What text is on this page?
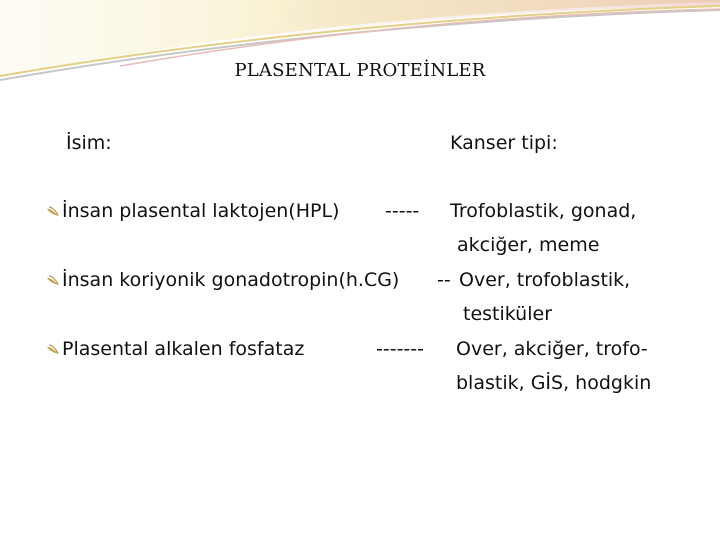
PLASENTAL PROTEİNLER
İsim:	Kanser tipi:
İnsan plasental laktojen(HPL) ----- Trofoblastik, gonad,
akciğer, meme
İnsan koriyonik gonadotropin(h.CG) -- Over, trofoblastik,
testiküler
Plasental alkalen fosfataz	------- Over, akciğer, trofo-
blastik, GİS, hodgkin
